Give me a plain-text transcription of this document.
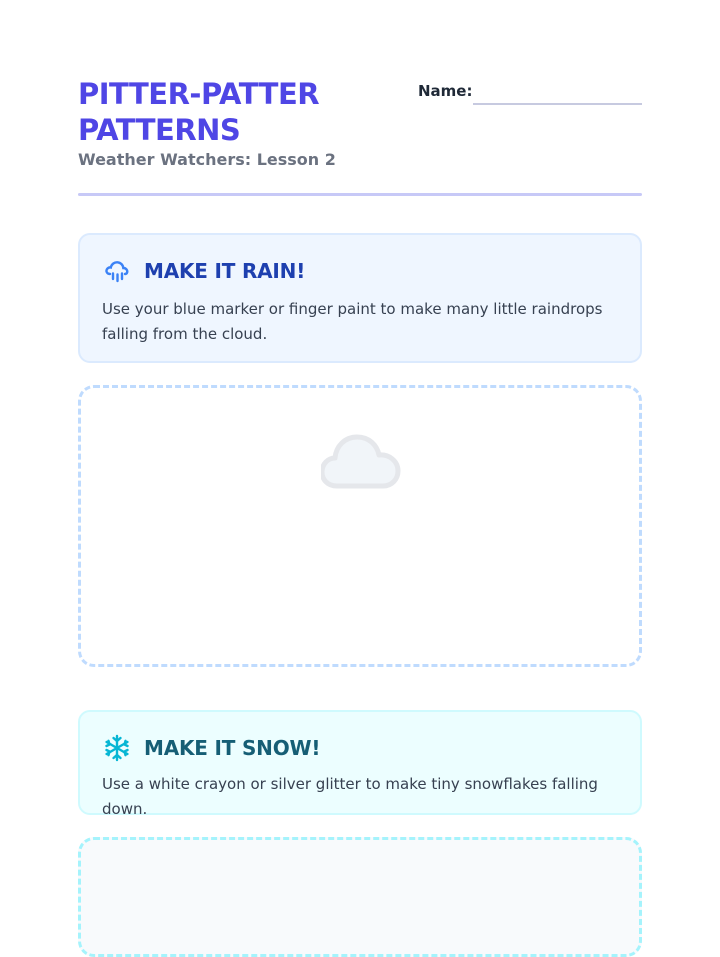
PITTER-PATTER PATTERNS

Weather Watchers: Lesson 2

Name:
MAKE IT RAIN!
Use your blue marker or finger paint to make many little raindrops falling from the cloud.
MAKE IT SNOW!
Use a white crayon or silver glitter to make tiny snowflakes falling down.
